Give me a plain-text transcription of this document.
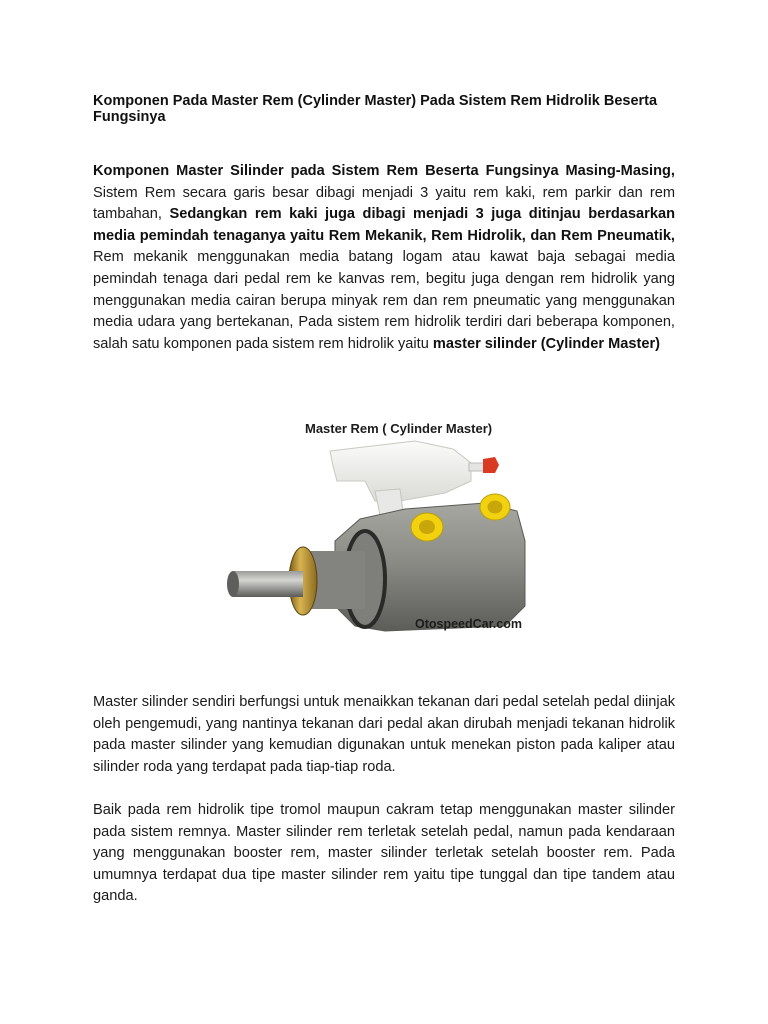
Komponen Pada Master Rem (Cylinder Master) Pada Sistem Rem Hidrolik Beserta Fungsinya

Komponen Master Silinder pada Sistem Rem Beserta Fungsinya Masing-Masing, Sistem Rem secara garis besar dibagi menjadi 3 yaitu rem kaki, rem parkir dan rem tambahan, Sedangkan rem kaki juga dibagi menjadi 3 juga ditinjau berdasarkan media pemindah tenaganya yaitu Rem Mekanik, Rem Hidrolik, dan Rem Pneumatik, Rem mekanik menggunakan media batang logam atau kawat baja sebagai media pemindah tenaga dari pedal rem ke kanvas rem, begitu juga dengan rem hidrolik yang menggunakan media cairan berupa minyak rem dan rem pneumatic yang menggunakan media udara yang bertekanan, Pada sistem rem hidrolik terdiri dari beberapa komponen, salah satu komponen pada sistem rem hidrolik yaitu master silinder (Cylinder Master)

Master Rem ( Cylinder Master)
OtospeedCar.com

Master silinder sendiri berfungsi untuk menaikkan tekanan dari pedal setelah pedal diinjak oleh pengemudi, yang nantinya tekanan dari pedal akan dirubah menjadi tekanan hidrolik pada master silinder yang kemudian digunakan untuk menekan piston pada kaliper atau silinder roda yang terdapat pada tiap-tiap roda.

Baik pada rem hidrolik tipe tromol maupun cakram tetap menggunakan master silinder pada sistem remnya. Master silinder rem terletak setelah pedal, namun pada kendaraan yang menggunakan booster rem, master silinder terletak setelah booster rem. Pada umumnya terdapat dua tipe master silinder rem yaitu tipe tunggal dan tipe tandem atau ganda.
